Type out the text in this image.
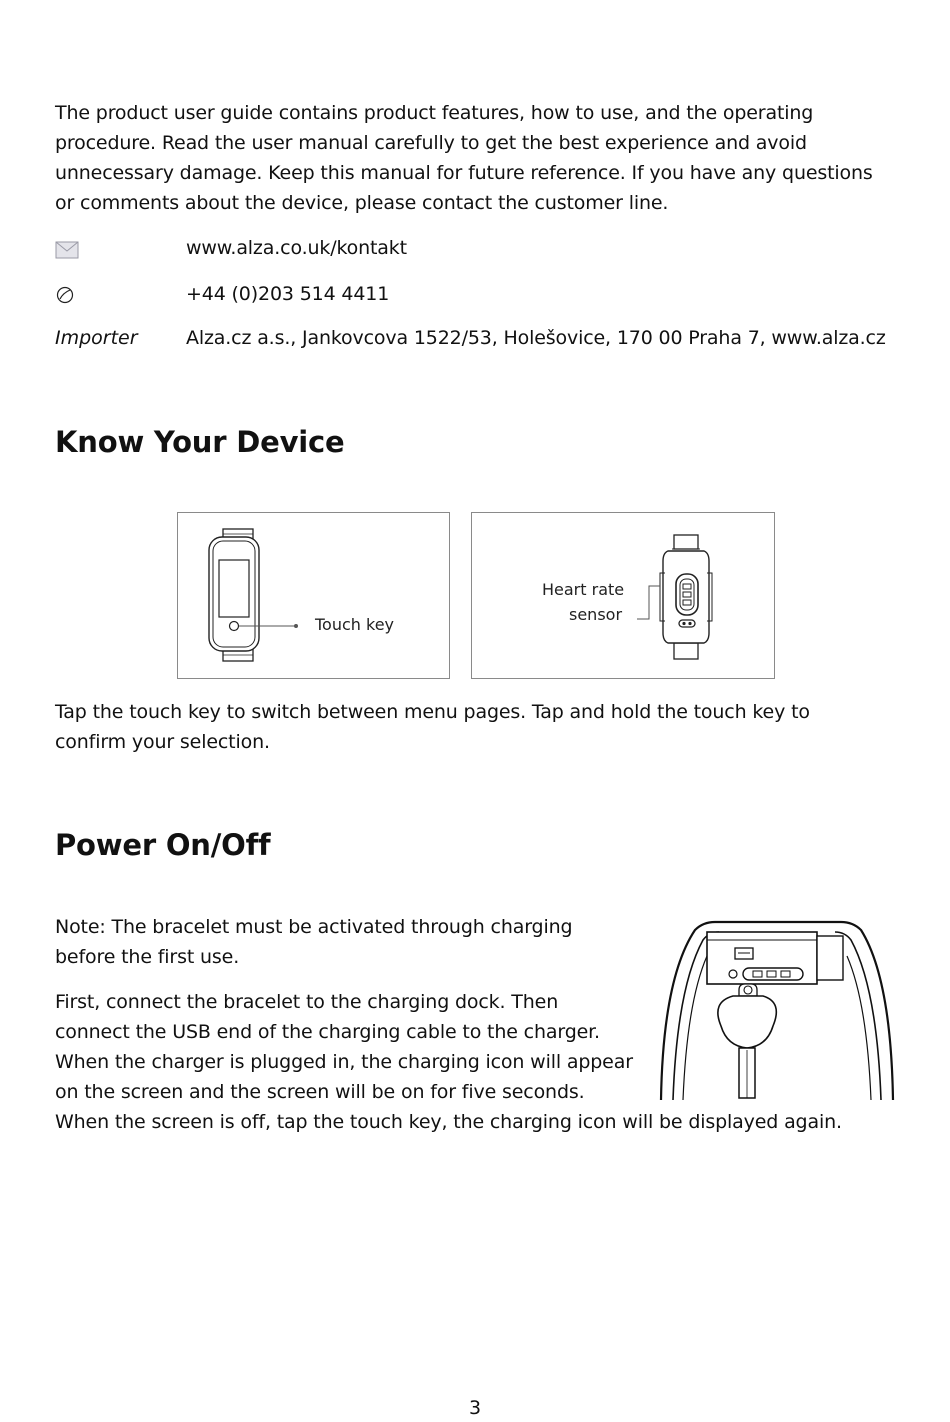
The product user guide contains product features, how to use, and the operating
procedure. Read the user manual carefully to get the best experience and avoid
unnecessary damage. Keep this manual for future reference. If you have any questions
or comments about the device, please contact the customer line.
www.alza.co.uk/kontakt
+44 (0)203 514 4411
Importer	Alza.cz a.s., Jankovcova 1522/53, Holešovice, 170 00 Praha 7, www.alza.cz
Know Your Device
Touch key
Heart rate
sensor
Tap the touch key to switch between menu pages. Tap and hold the touch key to
confirm your selection.
Power On/Off
Note: The bracelet must be activated through charging
before the first use.
First, connect the bracelet to the charging dock. Then
connect the USB end of the charging cable to the charger.
When the charger is plugged in, the charging icon will appear
on the screen and the screen will be on for five seconds.
When the screen is off, tap the touch key, the charging icon will be displayed again.
3
